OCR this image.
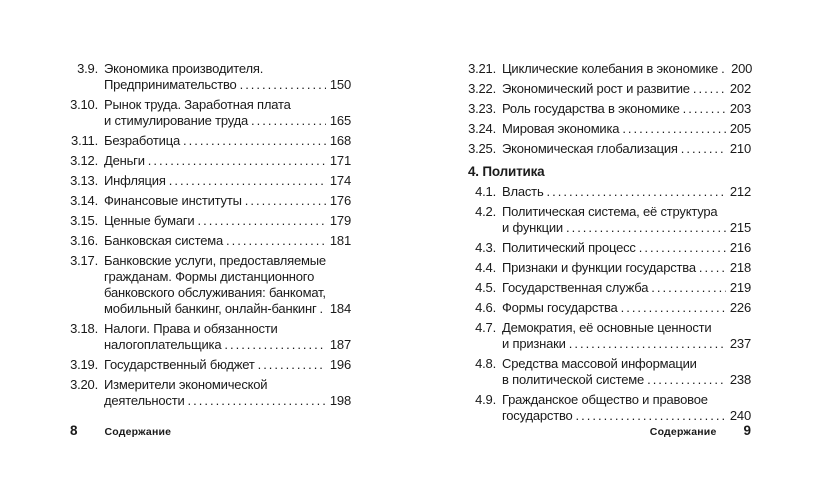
3.9. Экономика производителя.
Предпринимательство .....	150
3.10. Рынок труда. Заработная плата
и стимулирование труда .....	165
3.11. Безработица .....	168
3.12. Деньги .....	171
3.13. Инфляция .....	174
3.14. Финансовые институты .....	176
3.15. Ценные бумаги .....	179
3.16. Банковская система .....	181
3.17. Банковские услуги, предоставляемые
гражданам. Формы дистанционного
банковского обслуживания: банкомат,
мобильный банкинг, онлайн-банкинг ..... 184
3.18. Налоги. Права и обязанности
налогоплательщика .....	187
3.19. Государственный бюджет .....	196
3.20. Измерители экономической
деятельности .....	198
3.21. Циклические колебания в экономике ..... 200
3.22. Экономический рост и развитие .....	202
3.23. Роль государства в экономике .....	203
3.24. Мировая экономика .....	205
3.25. Экономическая глобализация .....	210
4. Политика
4.1. Власть .....	212
4.2. Политическая система, её структура
и функции .....	215
4.3. Политический процесс .....	216
4.4. Признаки и функции государства .....	218
4.5. Государственная служба .....	219
4.6. Формы государства .....	226
4.7. Демократия, её основные ценности
и признаки .....	237
4.8. Средства массовой информации
в политической системе .....	238
4.9. Гражданское общество и правовое
государство .....	240
8	Содержание	Содержание 9
